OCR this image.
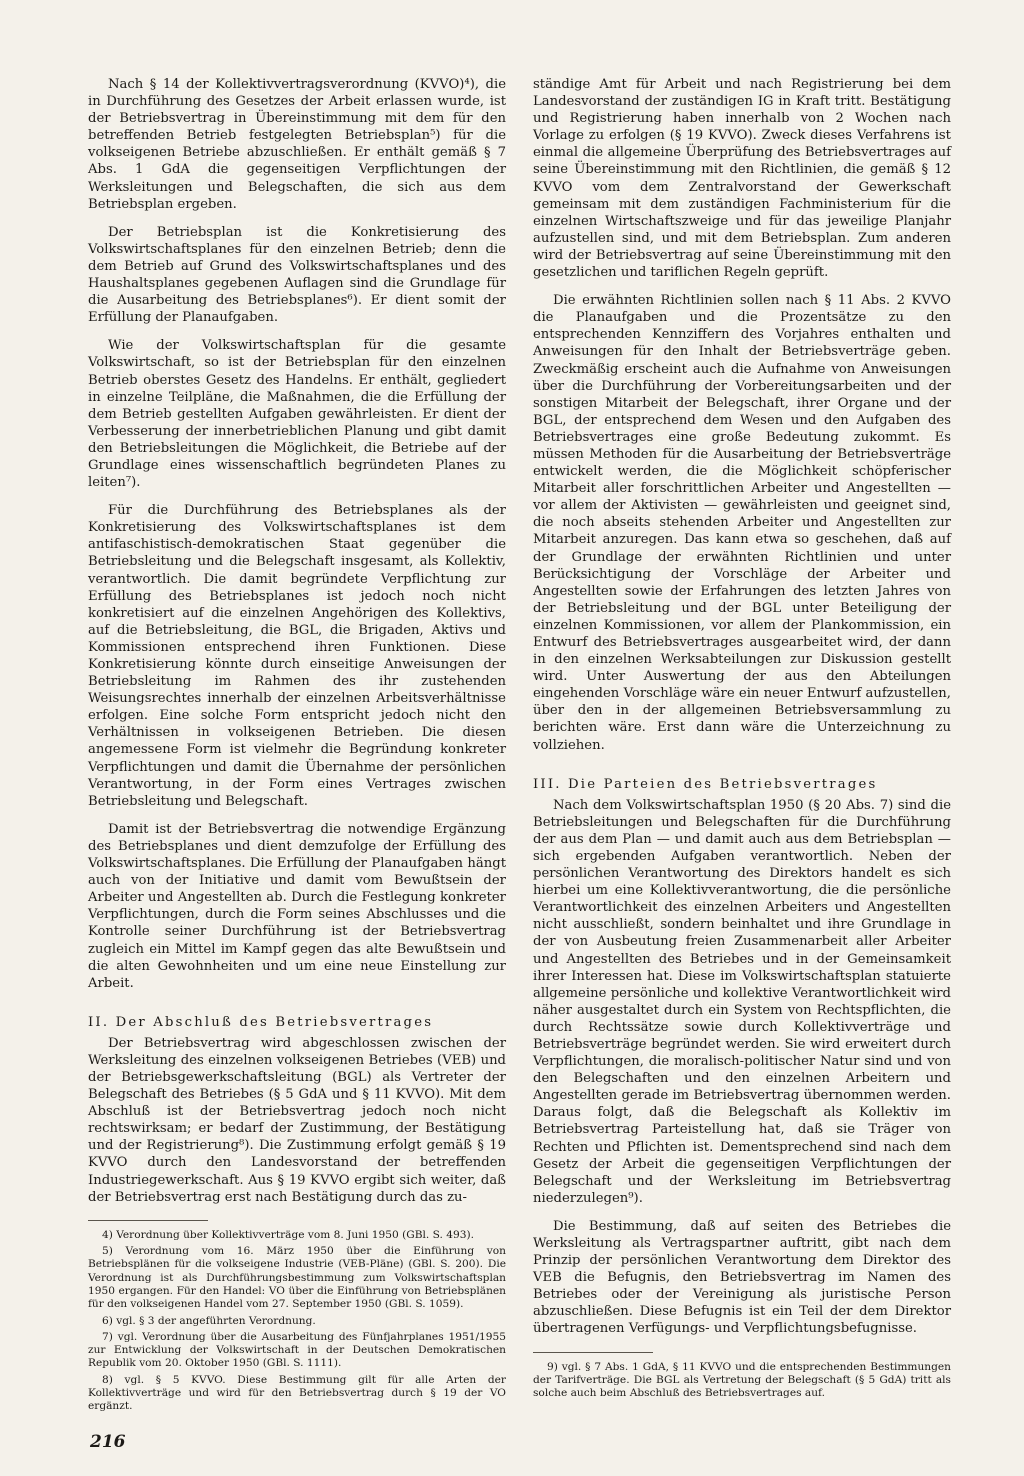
Nach § 14 der Kollektivvertragsverordnung (KVVO)⁴), die in Durchführung des Gesetzes der Arbeit erlassen wurde, ist der Betriebsvertrag in Übereinstimmung mit dem für den betreffenden Betrieb festgelegten Betriebsplan⁵) für die volkseigenen Betriebe abzuschließen. Er enthält gemäß § 7 Abs. 1 GdA die gegenseitigen Verpflichtungen der Werksleitungen und Belegschaften, die sich aus dem Betriebsplan ergeben.

Der Betriebsplan ist die Konkretisierung des Volkswirtschaftsplanes für den einzelnen Betrieb; denn die dem Betrieb auf Grund des Volkswirtschaftsplanes und des Haushaltsplanes gegebenen Auflagen sind die Grundlage für die Ausarbeitung des Betriebsplanes⁶). Er dient somit der Erfüllung der Planaufgaben.

Wie der Volkswirtschaftsplan für die gesamte Volkswirtschaft, so ist der Betriebsplan für den einzelnen Betrieb oberstes Gesetz des Handelns. Er enthält, gegliedert in einzelne Teilpläne, die Maßnahmen, die die Erfüllung der dem Betrieb gestellten Aufgaben gewährleisten. Er dient der Verbesserung der innerbetrieblichen Planung und gibt damit den Betriebsleitungen die Möglichkeit, die Betriebe auf der Grundlage eines wissenschaftlich begründeten Planes zu leiten⁷).

Für die Durchführung des Betriebsplanes als der Konkretisierung des Volkswirtschaftsplanes ist dem antifaschistisch-demokratischen Staat gegenüber die Betriebsleitung und die Belegschaft insgesamt, als Kollektiv, verantwortlich. Die damit begründete Verpflichtung zur Erfüllung des Betriebsplanes ist jedoch noch nicht konkretisiert auf die einzelnen Angehörigen des Kollektivs, auf die Betriebsleitung, die BGL, die Brigaden, Aktivs und Kommissionen entsprechend ihren Funktionen. Diese Konkretisierung könnte durch einseitige Anweisungen der Betriebsleitung im Rahmen des ihr zustehenden Weisungsrechtes innerhalb der einzelnen Arbeitsverhältnisse erfolgen. Eine solche Form entspricht jedoch nicht den Verhältnissen in volkseigenen Betrieben. Die diesen angemessene Form ist vielmehr die Begründung konkreter Verpflichtungen und damit die Übernahme der persönlichen Verantwortung, in der Form eines Vertrages zwischen Betriebsleitung und Belegschaft.

Damit ist der Betriebsvertrag die notwendige Ergänzung des Betriebsplanes und dient demzufolge der Erfüllung des Volkswirtschaftsplanes. Die Erfüllung der Planaufgaben hängt auch von der Initiative und damit vom Bewußtsein der Arbeiter und Angestellten ab. Durch die Festlegung konkreter Verpflichtungen, durch die Form seines Abschlusses und die Kontrolle seiner Durchführung ist der Betriebsvertrag zugleich ein Mittel im Kampf gegen das alte Bewußtsein und die alten Gewohnheiten und um eine neue Einstellung zur Arbeit.

II. Der Abschluß des Betriebsvertrages

Der Betriebsvertrag wird abgeschlossen zwischen der Werksleitung des einzelnen volkseigenen Betriebes (VEB) und der Betriebsgewerkschaftsleitung (BGL) als Vertreter der Belegschaft des Betriebes (§ 5 GdA und § 11 KVVO). Mit dem Abschluß ist der Betriebsvertrag jedoch noch nicht rechtswirksam; er bedarf der Zustimmung, der Bestätigung und der Registrierung⁸). Die Zustimmung erfolgt gemäß § 19 KVVO durch den Landesvorstand der betreffenden Industriegewerkschaft. Aus § 19 KVVO ergibt sich weiter, daß der Betriebsvertrag erst nach Bestätigung durch das zu-

4) Verordnung über Kollektivverträge vom 8. Juni 1950 (GBl. S. 493).

5) Verordnung vom 16. März 1950 über die Einführung von Betriebsplänen für die volkseigene Industrie (VEB-Pläne) (GBl. S. 200). Die Verordnung ist als Durchführungsbestimmung zum Volkswirtschaftsplan 1950 ergangen. Für den Handel: VO über die Einführung von Betriebsplänen für den volkseigenen Handel vom 27. September 1950 (GBl. S. 1059).

6) vgl. § 3 der angeführten Verordnung.

7) vgl. Verordnung über die Ausarbeitung des Fünfjahrplanes 1951/1955 zur Entwicklung der Volkswirtschaft in der Deutschen Demokratischen Republik vom 20. Oktober 1950 (GBl. S. 1111).

8) vgl. § 5 KVVO. Diese Bestimmung gilt für alle Arten der Kollektivverträge und wird für den Betriebsvertrag durch § 19 der VO ergänzt.

ständige Amt für Arbeit und nach Registrierung bei dem Landesvorstand der zuständigen IG in Kraft tritt. Bestätigung und Registrierung haben innerhalb von 2 Wochen nach Vorlage zu erfolgen (§ 19 KVVO). Zweck dieses Verfahrens ist einmal die allgemeine Überprüfung des Betriebsvertrages auf seine Übereinstimmung mit den Richtlinien, die gemäß § 12 KVVO vom dem Zentralvorstand der Gewerkschaft gemeinsam mit dem zuständigen Fachministerium für die einzelnen Wirtschaftszweige und für das jeweilige Planjahr aufzustellen sind, und mit dem Betriebsplan. Zum anderen wird der Betriebsvertrag auf seine Übereinstimmung mit den gesetzlichen und tariflichen Regeln geprüft.

Die erwähnten Richtlinien sollen nach § 11 Abs. 2 KVVO die Planaufgaben und die Prozentsätze zu den entsprechenden Kennziffern des Vorjahres enthalten und Anweisungen für den Inhalt der Betriebsverträge geben. Zweckmäßig erscheint auch die Aufnahme von Anweisungen über die Durchführung der Vorbereitungsarbeiten und der sonstigen Mitarbeit der Belegschaft, ihrer Organe und der BGL, der entsprechend dem Wesen und den Aufgaben des Betriebsvertrages eine große Bedeutung zukommt. Es müssen Methoden für die Ausarbeitung der Betriebsverträge entwickelt werden, die die Möglichkeit schöpferischer Mitarbeit aller forschrittlichen Arbeiter und Angestellten — vor allem der Aktivisten — gewährleisten und geeignet sind, die noch abseits stehenden Arbeiter und Angestellten zur Mitarbeit anzuregen. Das kann etwa so geschehen, daß auf der Grundlage der erwähnten Richtlinien und unter Berücksichtigung der Vorschläge der Arbeiter und Angestellten sowie der Erfahrungen des letzten Jahres von der Betriebsleitung und der BGL unter Beteiligung der einzelnen Kommissionen, vor allem der Plankommission, ein Entwurf des Betriebsvertrages ausgearbeitet wird, der dann in den einzelnen Werksabteilungen zur Diskussion gestellt wird. Unter Auswertung der aus den Abteilungen eingehenden Vorschläge wäre ein neuer Entwurf aufzustellen, über den in der allgemeinen Betriebsversammlung zu berichten wäre. Erst dann wäre die Unterzeichnung zu vollziehen.

III. Die Parteien des Betriebsvertrages

Nach dem Volkswirtschaftsplan 1950 (§ 20 Abs. 7) sind die Betriebsleitungen und Belegschaften für die Durchführung der aus dem Plan — und damit auch aus dem Betriebsplan — sich ergebenden Aufgaben verantwortlich. Neben der persönlichen Verantwortung des Direktors handelt es sich hierbei um eine Kollektivverantwortung, die die persönliche Verantwortlichkeit des einzelnen Arbeiters und Angestellten nicht ausschließt, sondern beinhaltet und ihre Grundlage in der von Ausbeutung freien Zusammenarbeit aller Arbeiter und Angestellten des Betriebes und in der Gemeinsamkeit ihrer Interessen hat. Diese im Volkswirtschaftsplan statuierte allgemeine persönliche und kollektive Verantwortlichkeit wird näher ausgestaltet durch ein System von Rechtspflichten, die durch Rechtssätze sowie durch Kollektivverträge und Betriebsverträge begründet werden. Sie wird erweitert durch Verpflichtungen, die moralisch-politischer Natur sind und von den Belegschaften und den einzelnen Arbeitern und Angestellten gerade im Betriebsvertrag übernommen werden. Daraus folgt, daß die Belegschaft als Kollektiv im Betriebsvertrag Parteistellung hat, daß sie Träger von Rechten und Pflichten ist. Dementsprechend sind nach dem Gesetz der Arbeit die gegenseitigen Verpflichtungen der Belegschaft und der Werksleitung im Betriebsvertrag niederzulegen⁹).

Die Bestimmung, daß auf seiten des Betriebes die Werksleitung als Vertragspartner auftritt, gibt nach dem Prinzip der persönlichen Verantwortung dem Direktor des VEB die Befugnis, den Betriebsvertrag im Namen des Betriebes oder der Vereinigung als juristische Person abzuschließen. Diese Befugnis ist ein Teil der dem Direktor übertragenen Verfügungs- und Verpflichtungsbefugnisse.

9) vgl. § 7 Abs. 1 GdA, § 11 KVVO und die entsprechenden Bestimmungen der Tarifverträge. Die BGL als Vertretung der Belegschaft (§ 5 GdA) tritt als solche auch beim Abschluß des Betriebsvertrages auf.

216
